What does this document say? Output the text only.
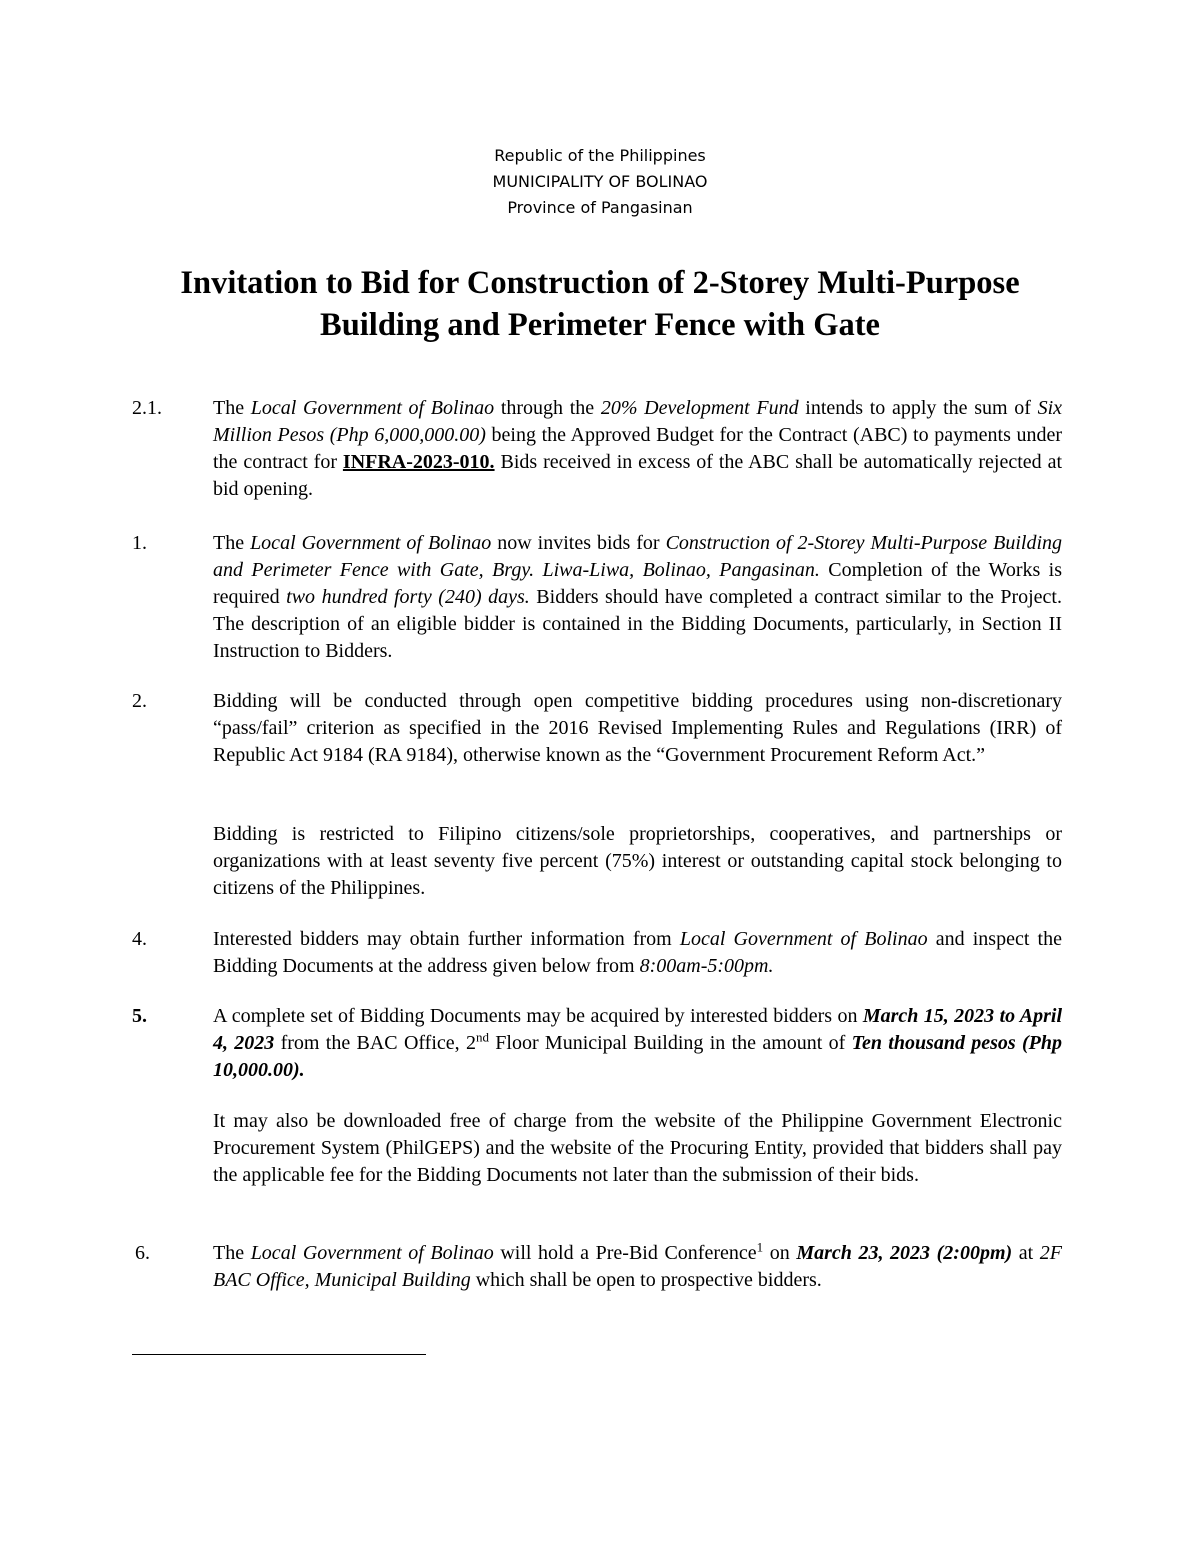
Republic of the Philippines
MUNICIPALITY OF BOLINAO
Province of Pangasinan
Invitation to Bid for Construction of 2-Storey Multi-Purpose
Building and Perimeter Fence with Gate
2.1.	The Local Government of Bolinao through the 20% Development Fund intends to apply the sum of Six Million Pesos (Php 6,000,000.00) being the Approved Budget for the Contract (ABC) to payments under the contract for INFRA-2023-010. Bids received in excess of the ABC shall be automatically rejected at bid opening.
1.	The Local Government of Bolinao now invites bids for Construction of 2-Storey Multi-Purpose Building and Perimeter Fence with Gate, Brgy. Liwa-Liwa, Bolinao, Pangasinan. Completion of the Works is required two hundred forty (240) days. Bidders should have completed a contract similar to the Project. The description of an eligible bidder is contained in the Bidding Documents, particularly, in Section II Instruction to Bidders.
2.	Bidding will be conducted through open competitive bidding procedures using non-discretionary “pass/fail” criterion as specified in the 2016 Revised Implementing Rules and Regulations (IRR) of Republic Act 9184 (RA 9184), otherwise known as the “Government Procurement Reform Act.”
Bidding is restricted to Filipino citizens/sole proprietorships, cooperatives, and partnerships or organizations with at least seventy five percent (75%) interest or outstanding capital stock belonging to citizens of the Philippines.
4.	Interested bidders may obtain further information from Local Government of Bolinao and inspect the Bidding Documents at the address given below from 8:00am-5:00pm.
5.	A complete set of Bidding Documents may be acquired by interested bidders on March 15, 2023 to April 4, 2023 from the BAC Office, 2nd Floor Municipal Building in the amount of Ten thousand pesos (Php 10,000.00).
It may also be downloaded free of charge from the website of the Philippine Government Electronic Procurement System (PhilGEPS) and the website of the Procuring Entity, provided that bidders shall pay the applicable fee for the Bidding Documents not later than the submission of their bids.
6.	The Local Government of Bolinao will hold a Pre-Bid Conference$^1$ on March 23, 2023 (2:00pm) at 2F BAC Office, Municipal Building which shall be open to prospective bidders.
